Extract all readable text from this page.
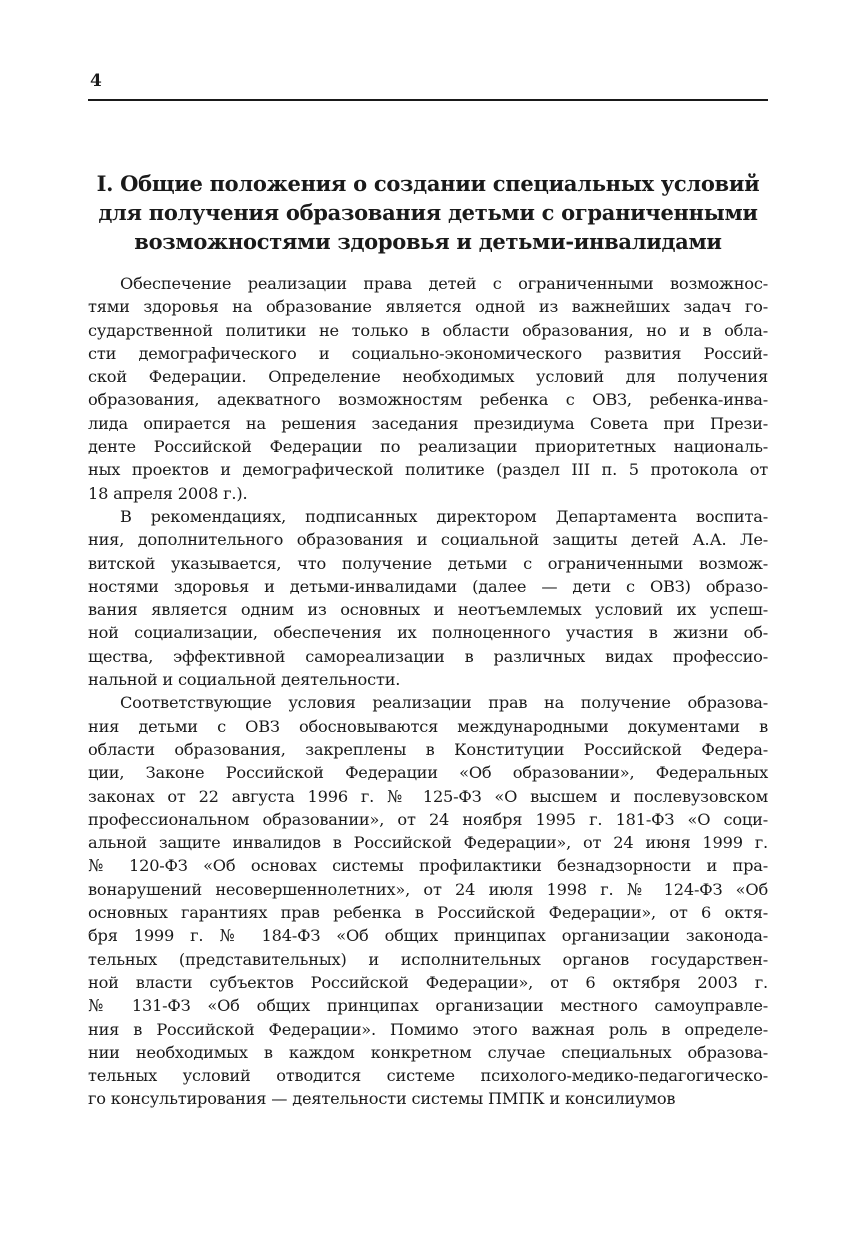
4
I. Общие положения о создании специальных условий
для получения образования детьми с ограниченными
возможностями здоровья и детьми-инвалидами

Обеспечение реализации права детей с ограниченными возможнос-
тями здоровья на образование является одной из важнейших задач го-
сударственной политики не только в области образования, но и в обла-
сти демографического и социально-экономического развития Россий-
ской Федерации. Определение необходимых условий для получения
образования, адекватного возможностям ребенка с ОВЗ, ребенка-инва-
лида опирается на решения заседания президиума Совета при Прези-
денте Российской Федерации по реализации приоритетных националь-
ных проектов и демографической политике (раздел III п. 5 протокола от
18 апреля 2008 г.).

В рекомендациях, подписанных директором Департамента воспита-
ния, дополнительного образования и социальной защиты детей А.А. Ле-
витской указывается, что получение детьми с ограниченными возмож-
ностями здоровья и детьми-инвалидами (далее — дети с ОВЗ) образо-
вания является одним из основных и неотъемлемых условий их успеш-
ной социализации, обеспечения их полноценного участия в жизни об-
щества, эффективной самореализации в различных видах профессио-
нальной и социальной деятельности.

Соответствующие условия реализации прав на получение образова-
ния детьми с ОВЗ обосновываются международными документами в
области образования, закреплены в Конституции Российской Федера-
ции, Законе Российской Федерации «Об образовании», Федеральных
законах от 22 августа 1996 г. № 125-ФЗ «О высшем и послевузовском
профессиональном образовании», от 24 ноября 1995 г. 181-ФЗ «О соци-
альной защите инвалидов в Российской Федерации», от 24 июня 1999 г.
№ 120-ФЗ «Об основах системы профилактики безнадзорности и пра-
вонарушений несовершеннолетних», от 24 июля 1998 г. № 124-ФЗ «Об
основных гарантиях прав ребенка в Российской Федерации», от 6 октя-
бря 1999 г. № 184-ФЗ «Об общих принципах организации законода-
тельных (представительных) и исполнительных органов государствен-
ной власти субъектов Российской Федерации», от 6 октября 2003 г.
№ 131-ФЗ «Об общих принципах организации местного самоуправле-
ния в Российской Федерации». Помимо этого важная роль в определе-
нии необходимых в каждом конкретном случае специальных образова-
тельных условий отводится системе психолого-медико-педагогическо-
го консультирования — деятельности системы ПМПК и консилиумов
